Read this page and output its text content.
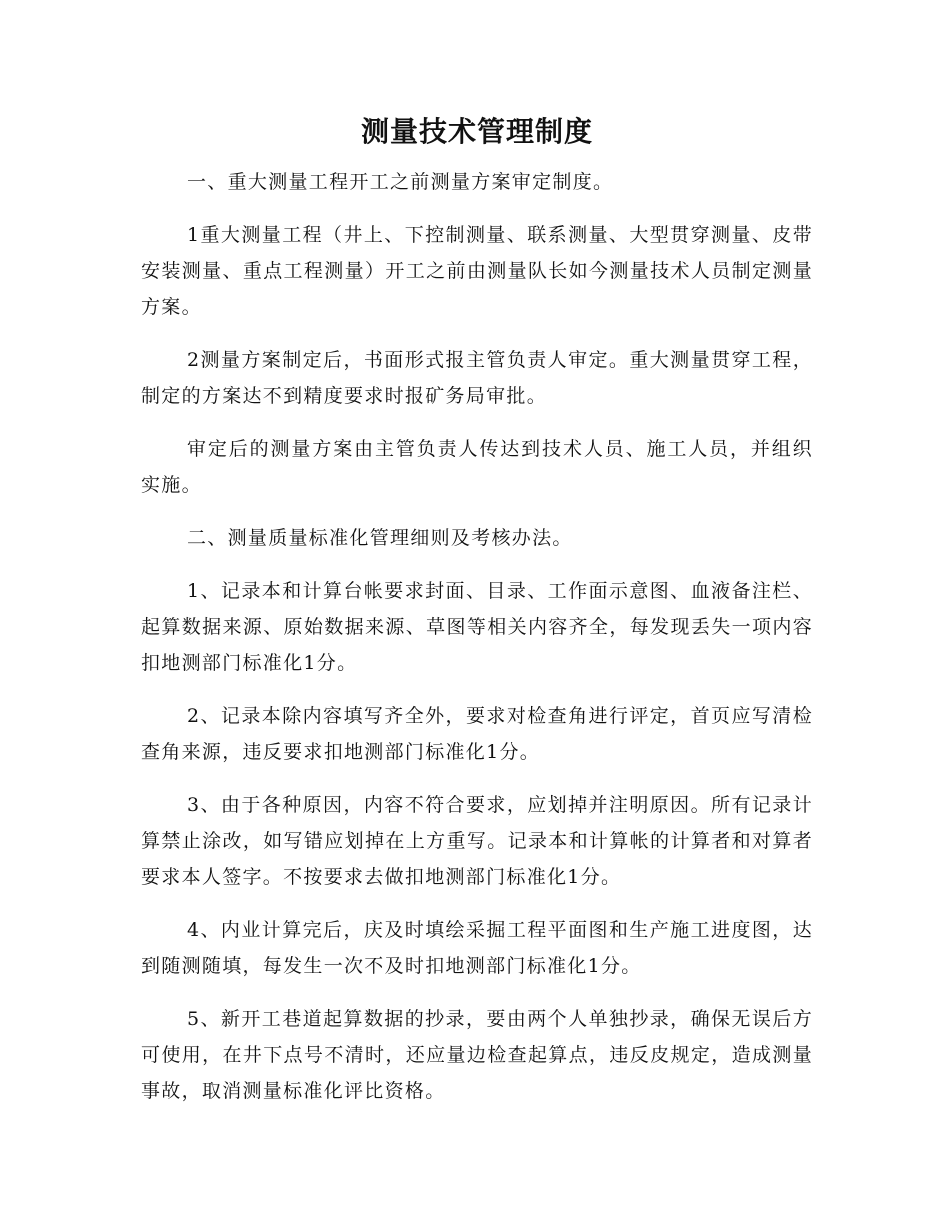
测量技术管理制度

一、重大测量工程开工之前测量方案审定制度。

1重大测量工程（井上、下控制测量、联系测量、大型贯穿测量、皮带安装测量、重点工程测量）开工之前由测量队长如今测量技术人员制定测量方案。

2测量方案制定后，书面形式报主管负责人审定。重大测量贯穿工程，制定的方案达不到精度要求时报矿务局审批。

审定后的测量方案由主管负责人传达到技术人员、施工人员，并组织实施。

二、测量质量标准化管理细则及考核办法。

1、记录本和计算台帐要求封面、目录、工作面示意图、血液备注栏、起算数据来源、原始数据来源、草图等相关内容齐全，每发现丢失一项内容扣地测部门标准化1分。

2、记录本除内容填写齐全外，要求对检查角进行评定，首页应写清检查角来源，违反要求扣地测部门标准化1分。

3、由于各种原因，内容不符合要求，应划掉并注明原因。所有记录计算禁止涂改，如写错应划掉在上方重写。记录本和计算帐的计算者和对算者要求本人签字。不按要求去做扣地测部门标准化1分。

4、内业计算完后，庆及时填绘采掘工程平面图和生产施工进度图，达到随测随填，每发生一次不及时扣地测部门标准化1分。

5、新开工巷道起算数据的抄录，要由两个人单独抄录，确保无误后方可使用，在井下点号不清时，还应量边检查起算点，违反皮规定，造成测量事故，取消测量标准化评比资格。
